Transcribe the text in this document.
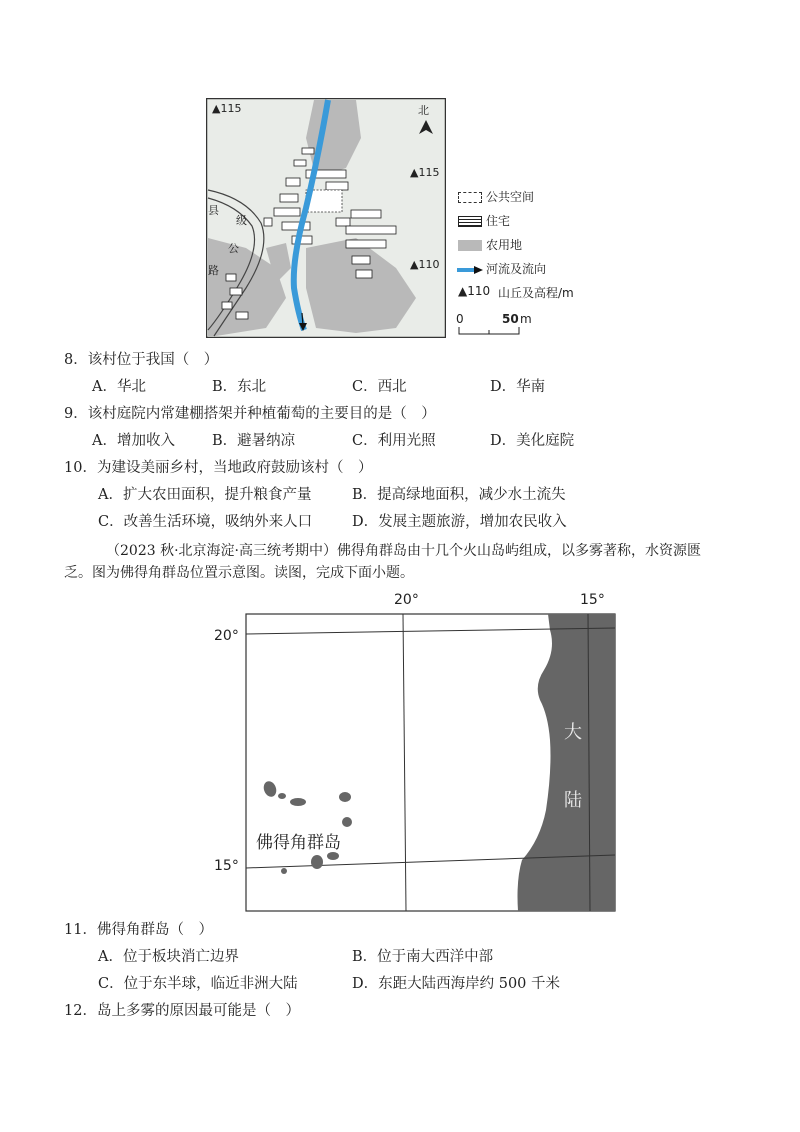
北
▲115
▲115
▲110
县
级
公
路
公共空间
住宅
农用地
河流及流向
▲110 山丘及高程/m
0	50 m
8．该村位于我国（　）
A．华北	B．东北	C．西北	D．华南
9．该村庭院内常建棚搭架并种植葡萄的主要目的是（　）
A．增加收入	B．避暑纳凉	C．利用光照	D．美化庭院
10．为建设美丽乡村，当地政府鼓励该村（　）
A．扩大农田面积，提升粮食产量	B．提高绿地面积，减少水土流失
C．改善生活环境，吸纳外来人口	D．发展主题旅游，增加农民收入
（2023 秋·北京海淀·高三统考期中）佛得角群岛由十几个火山岛屿组成，以多雾著称，水资源匮
乏。图为佛得角群岛位置示意图。读图，完成下面小题。
20°	15°
20°
15°
大
陆
佛得角群岛
11．佛得角群岛（　）
A．位于板块消亡边界	B．位于南大西洋中部
C．位于东半球，临近非洲大陆	D．东距大陆西海岸约 500 千米
12．岛上多雾的原因最可能是（　）
